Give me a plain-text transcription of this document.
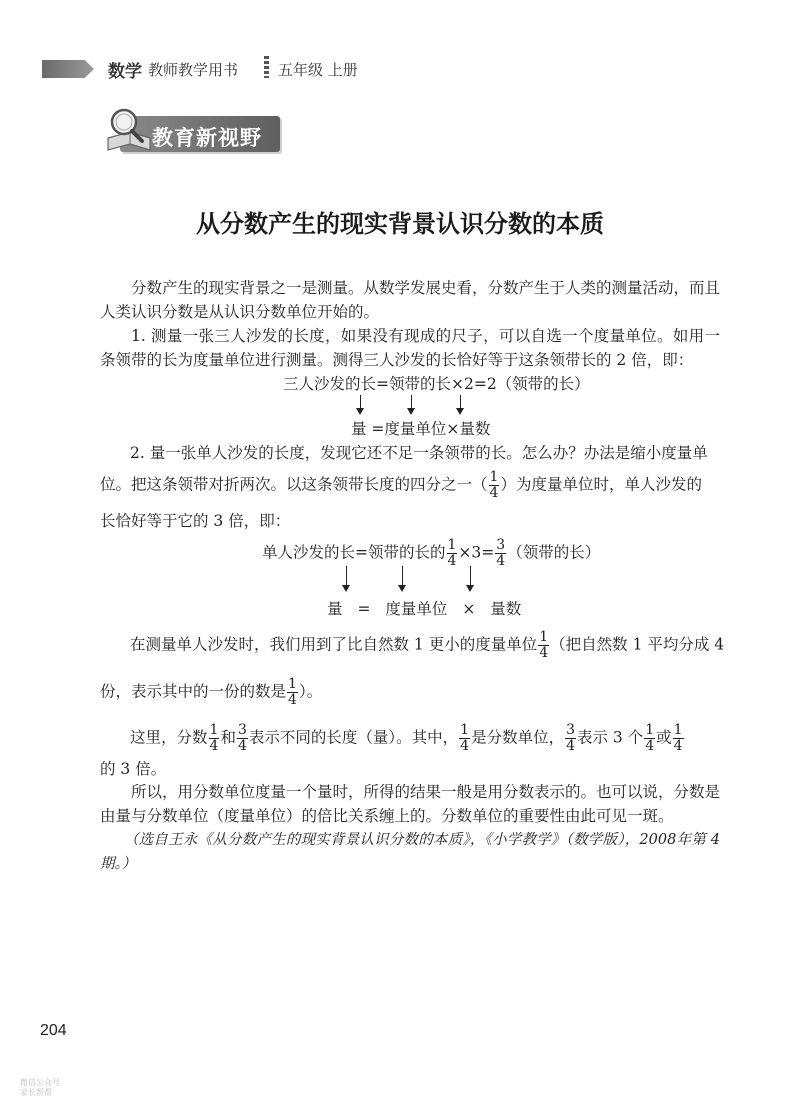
数学 教师教学用书	五年级 上册
教育新视野
从分数产生的现实背景认识分数的本质
分数产生的现实背景之一是测量。从数学发展史看，分数产生于人类的测量活动，而且人类认识分数是从认识分数单位开始的。
1. 测量一张三人沙发的长度，如果没有现成的尺子，可以自选一个度量单位。如用一条领带的长为度量单位进行测量。测得三人沙发的长恰好等于这条领带长的 2 倍，即：
三人沙发的长=领带的长×2=2（领带的长）
量 =度量单位×量数
2. 量一张单人沙发的长度，发现它还不足一条领带的长。怎么办？办法是缩小度量单
位。把这条领带对折两次。以这条领带长度的四分之一（ $\frac{1}{4}$ ）为度量单位时，单人沙发的
长恰好等于它的 3 倍，即：
单人沙发的长=领带的长的 $\frac{1}{4} \times 3= \frac{3}{4}$ （领带的长）
量 = 度量单位 × 量数
在测量单人沙发时，我们用到了比自然数 1 更小的度量单位 $\frac{1}{4}$ （把自然数 1 平均分成 4
份，表示其中的一份的数是 $\frac{1}{4}$ ）。
这里，分数 $\frac{1}{4}$ 和 $\frac{3}{4}$ 表示不同的长度（量）。其中， $\frac{1}{4}$ 是分数单位， $\frac{3}{4}$ 表示 3 个 $\frac{1}{4}$ 或 $\frac{1}{4}$
的 3 倍。
所以，用分数单位度量一个量时，所得的结果一般是用分数表示的。也可以说，分数是由量与分数单位（度量单位）的倍比关系缠上的。分数单位的重要性由此可见一斑。
（选自王永《从分数产生的现实背景认识分数的本质》，《小学教学》（数学版），2008年第 4 期。）
204
微信公众号
家长帮帮
